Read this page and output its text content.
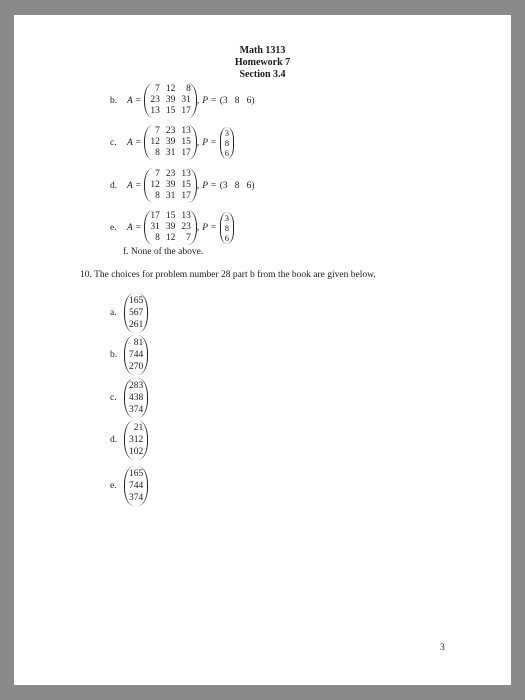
Math 1313
Homework 7
Section 3.4
b.	A =
7 12	8
23 39 31
13 15 17
, P = (3   8   6)
c.	A =
7 23 13
12 39 15
8 31 17
, P =
3
8
6
d.	A =
7 23 13
12 39 15
8 31 17
, P = (3   8   6)
e.	A =
17 15 13
31 39 23
8 12	7
, P =
3
8
6
f. None of the above.
10. The choices for problem number 28 part b from the book are given below.
a.
165
567
261
b.
81
744
270
c.
283
438
374
d.
21
312
102
e.
165
744
374
3
